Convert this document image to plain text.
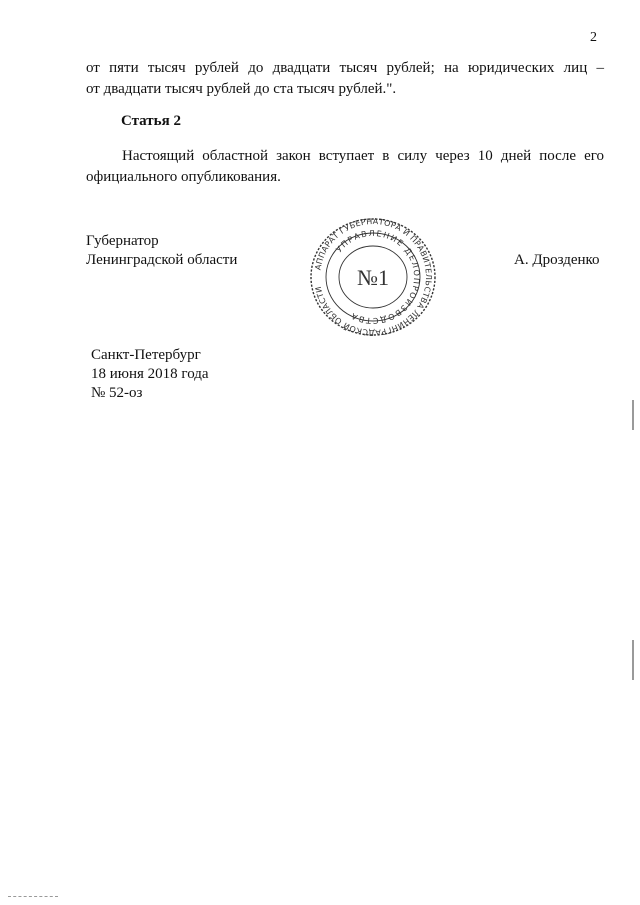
2

от пяти тысяч рублей до двадцати тысяч рублей; на юридических лиц –
от двадцати тысяч рублей до ста тысяч рублей.".

Статья 2

Настоящий областной закон вступает в силу через 10 дней после его
официального опубликования.

Губернатор
Ленинградской области	АППАРАТ ГУБЕРНАТОРА И ПРАВИТЕЛЬСТВА ЛЕНИНГРАДСКОЙ ОБЛАСТИ
УПРАВЛЕНИЕ ДЕЛОПРОИЗВОДСТВА
№1
А. Дрозденко
Санкт-Петербург
18 июня 2018 года
№ 52-оз
